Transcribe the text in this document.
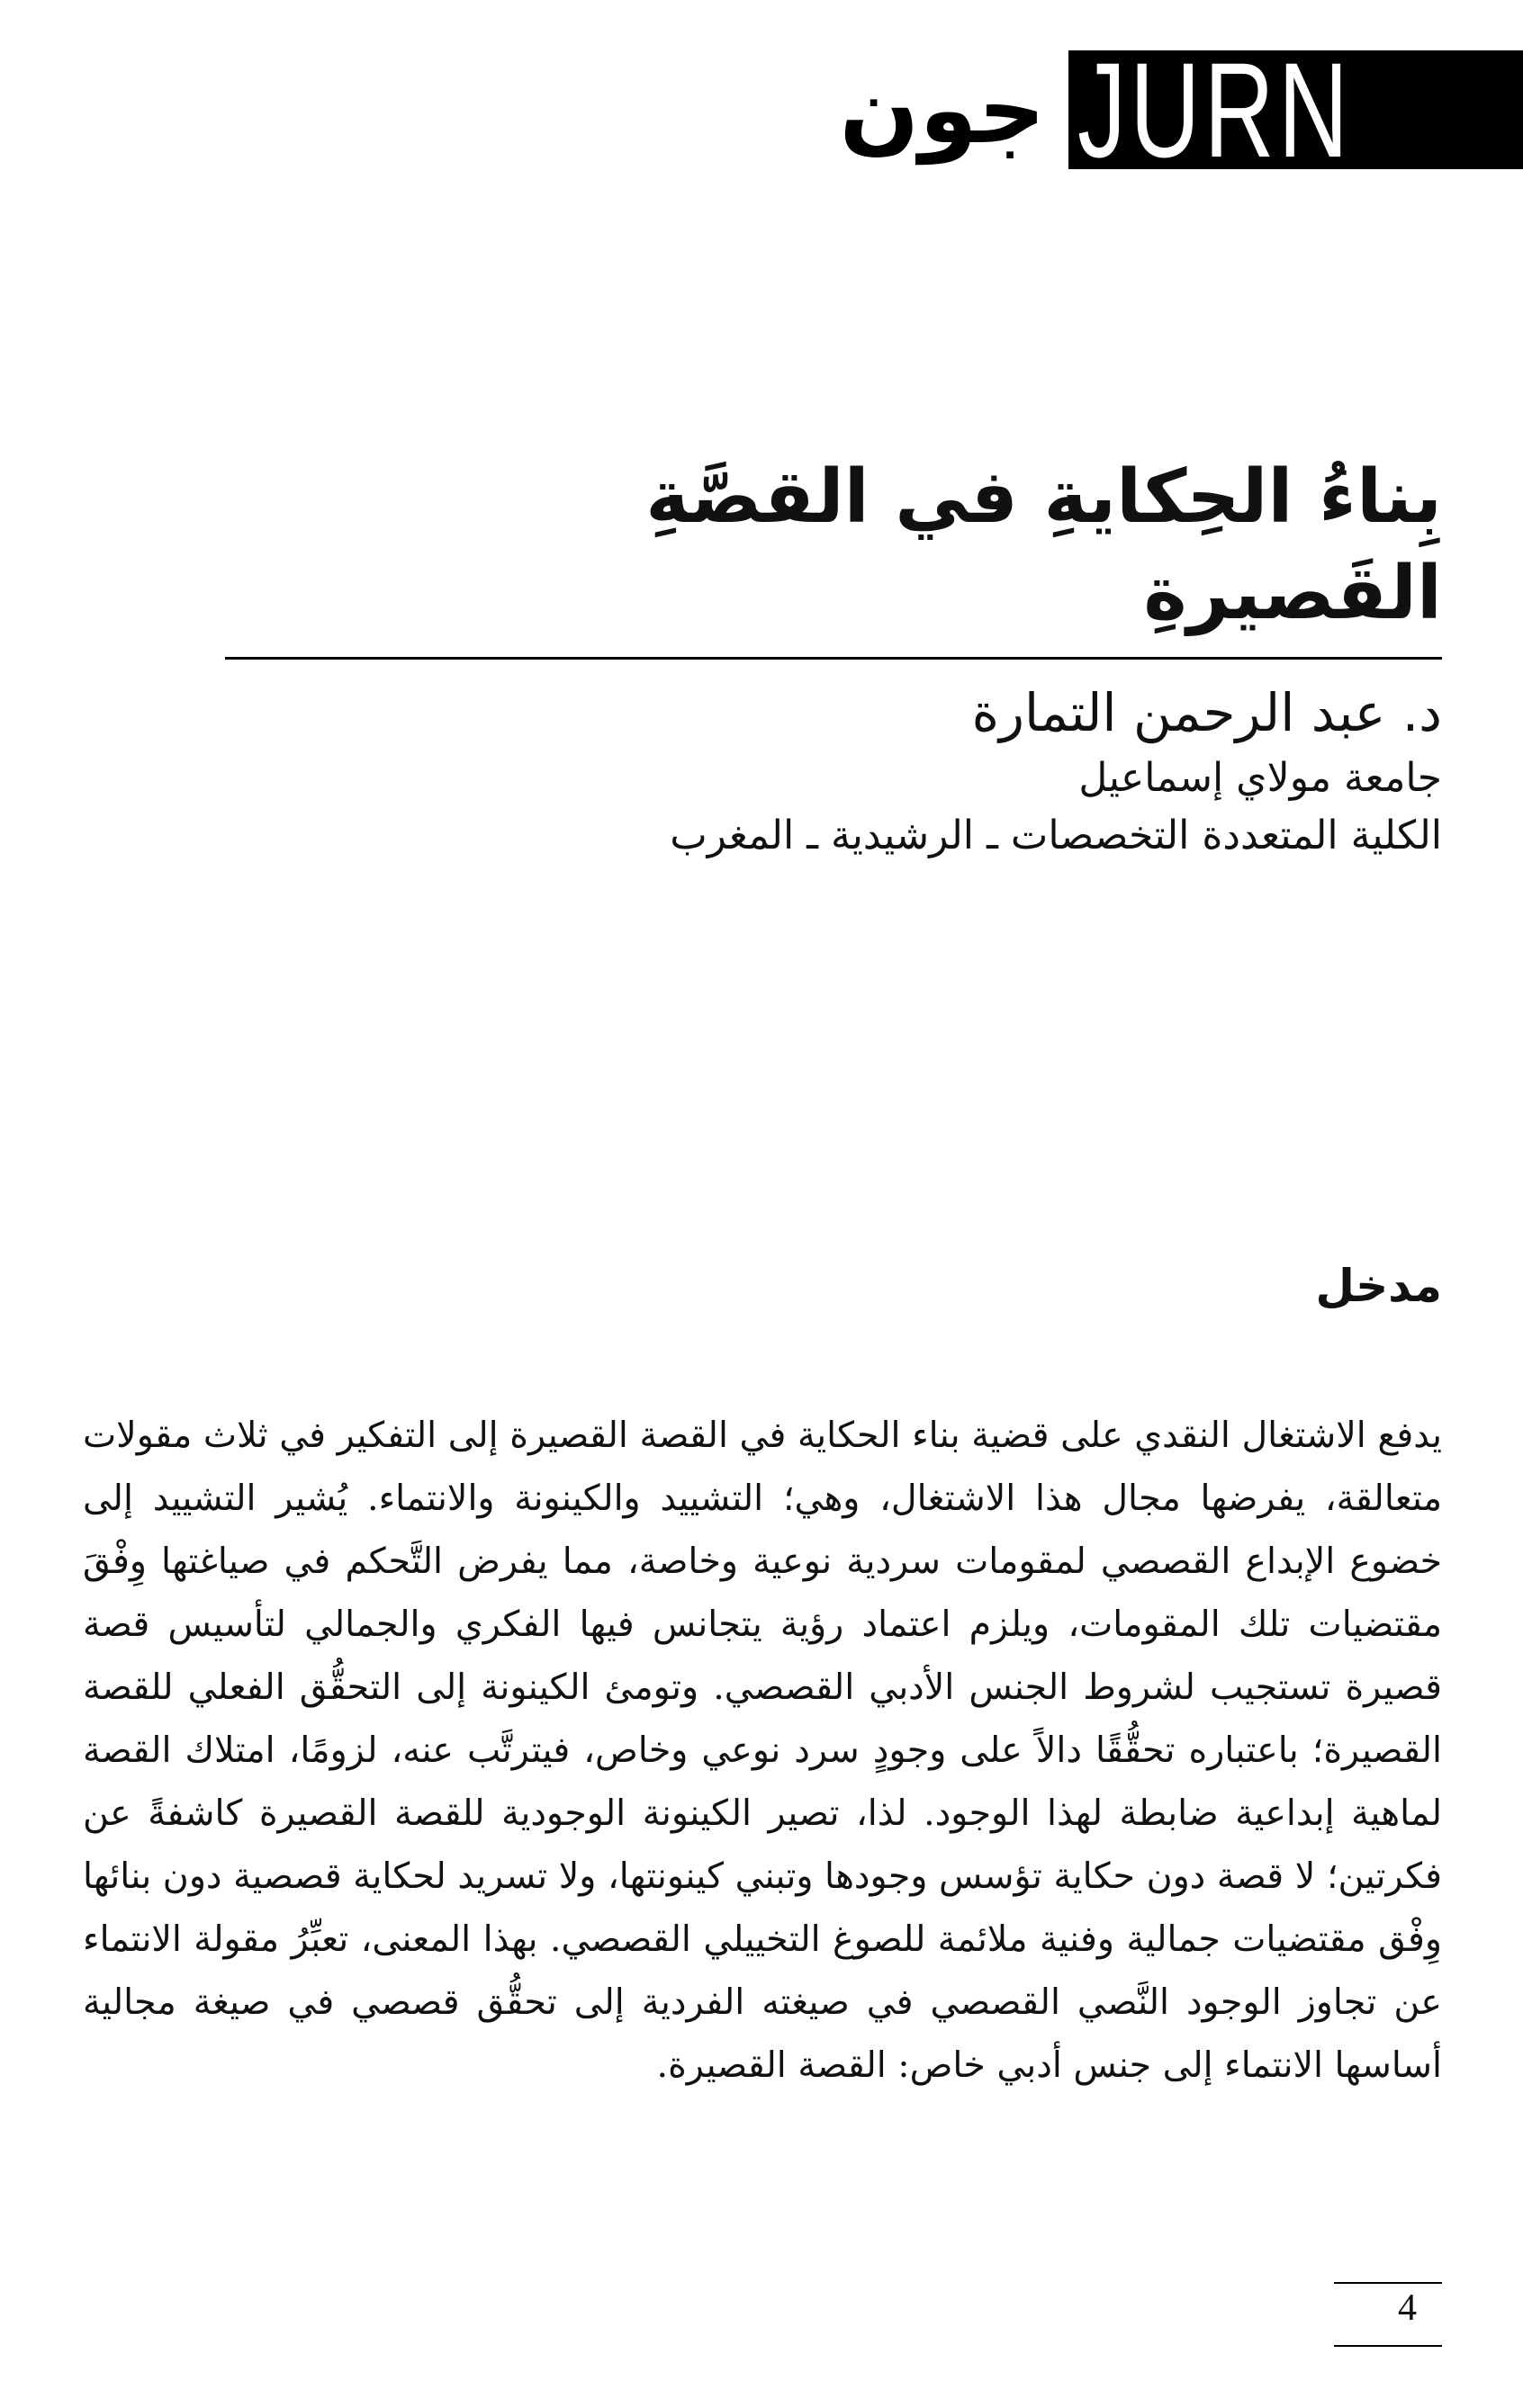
جون JURN
بِناءُ الحِكايةِ في القصَّةِ القَصيرةِ

د. عبد الرحمن التمارة

جامعة مولاي إسماعيل

الكلية المتعددة التخصصات ـ الرشيدية ـ المغرب

مدخل

يدفع الاشتغال النقدي على قضية بناء الحكاية في القصة القصيرة إلى التفكير في ثلاث مقولات متعالقة، يفرضها مجال هذا الاشتغال، وهي؛ التشييد والكينونة والانتماء. يُشير التشييد إلى خضوع الإبداع القصصي لمقومات سردية نوعية وخاصة، مما يفرض التَّحكم في صياغتها وِفْقَ مقتضيات تلك المقومات، ويلزم اعتماد رؤية يتجانس فيها الفكري والجمالي لتأسيس قصة قصيرة تستجيب لشروط الجنس الأدبي القصصي. وتومئ الكينونة إلى التحقُّق الفعلي للقصة القصيرة؛ باعتباره تحقُّقًا دالاً على وجودٍ سرد نوعي وخاص، فيترتَّب عنه، لزومًا، امتلاك القصة لماهية إبداعية ضابطة لهذا الوجود. لذا، تصير الكينونة الوجودية للقصة القصيرة كاشفةً عن فكرتين؛ لا قصة دون حكاية تؤسس وجودها وتبني كينونتها، ولا تسريد لحكاية قصصية دون بنائها وِفْق مقتضيات جمالية وفنية ملائمة للصوغ التخييلي القصصي. بهذا المعنى، تعبِّرُ مقولة الانتماء عن تجاوز الوجود النَّصي القصصي في صيغته الفردية إلى تحقُّق قصصي في صيغة مجالية أساسها الانتماء إلى جنس أدبي خاص: القصة القصيرة.

4
